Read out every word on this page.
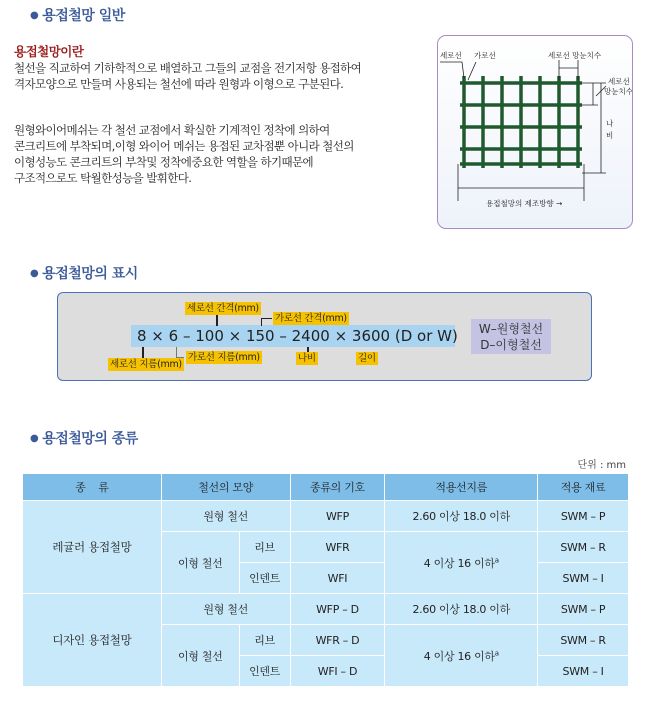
● 용접철망 일반
용접철망이란
철선을 직교하여 기하학적으로 배열하고 그들의 교점을 전기저항 용접하여
격자모양으로 만들며 사용되는 철선에 따라 원형과 이형으로 구분된다.
원형와이어메쉬는 각 철선 교점에서 확실한 기계적인 정착에 의하여
콘크리트에 부착되며,이형 와이어 메쉬는 용접된 교차점뿐 아니라 철선의
이형성능도 콘크리트의 부착및 정착에중요한 역할을 하기때문에
구조적으로도 탁월한성능을 발휘한다.
세로선 가로선	세로선 망눈치수
세로선
망눈치수
나
비
용접철망의 제조방향 →
● 용접철망의 표시
8 × 6 – 100 × 150 – 2400 × 3600 (D or W)
세로선 간격(mm)
가로선 간격(mm)
세로선 지름(mm)
가로선 지름(mm)	나비	길이
W–원형철선
D–이형철선
● 용접철망의 종류
단위 : mm
종    류	철선의 모양		종류의 기호	적용선지름	적용 재료
레귤러 용접철망	원형 철선		WFP	2.60 이상 18.0 이하	SWM – P
	이형 철선	리브	WFR	4 이상 16 이하$^a$	SWM – R
		인덴트	WFI		SWM – I
디자인 용접철망	원형 철선		WFP – D	2.60 이상 18.0 이하	SWM – P
	이형 철선	리브	WFR – D	4 이상 16 이하$^a$	SWM – R
		인덴트	WFI – D		SWM – I
